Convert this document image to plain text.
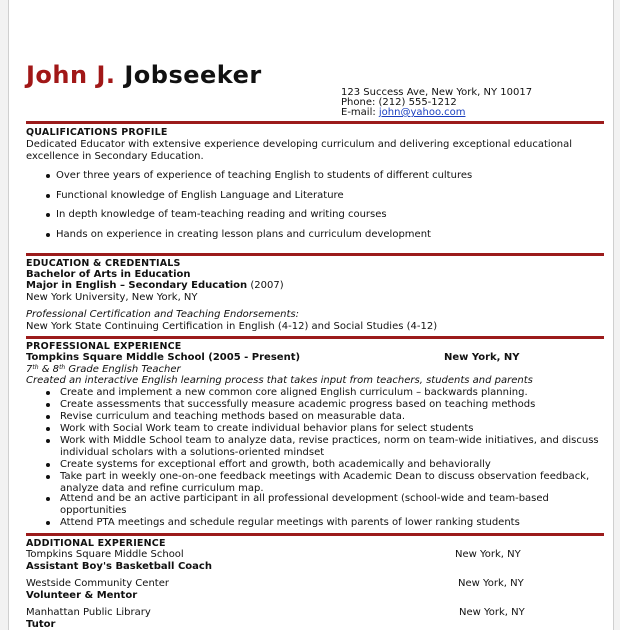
John J. Jobseeker
123 Success Ave, New York, NY 10017
Phone: (212) 555-1212
E-mail: john@yahoo.com
QUALIFICATIONS PROFILE
Dedicated Educator with extensive experience developing curriculum and delivering exceptional educational
excellence in Secondary Education.
Over three years of experience of teaching English to students of different cultures
Functional knowledge of English Language and Literature
In depth knowledge of team-teaching reading and writing courses
Hands on experience in creating lesson plans and curriculum development
EDUCATION & CREDENTIALS
Bachelor of Arts in Education
Major in English – Secondary Education (2007)
New York University, New York, NY
Professional Certification and Teaching Endorsements:
New York State Continuing Certification in English (4-12) and Social Studies (4-12)
PROFESSIONAL EXPERIENCE
Tompkins Square Middle School (2005 - Present)	New York, NY
7th & 8th Grade English Teacher
Created an interactive English learning process that takes input from teachers, students and parents
Create and implement a new common core aligned English curriculum – backwards planning.
Create assessments that successfully measure academic progress based on teaching methods
Revise curriculum and teaching methods based on measurable data.
Work with Social Work team to create individual behavior plans for select students
Work with Middle School team to analyze data, revise practices, norm on team-wide initiatives, and discuss
individual scholars with a solutions-oriented mindset
Create systems for exceptional effort and growth, both academically and behaviorally
Take part in weekly one-on-one feedback meetings with Academic Dean to discuss observation feedback,
analyze data and refine curriculum map.
Attend and be an active participant in all professional development (school-wide and team-based
opportunities
Attend PTA meetings and schedule regular meetings with parents of lower ranking students
ADDITIONAL EXPERIENCE
Tompkins Square Middle School	New York, NY
Assistant Boy's Basketball Coach
Westside Community Center	New York, NY
Volunteer & Mentor
Manhattan Public Library	New York, NY
Tutor
